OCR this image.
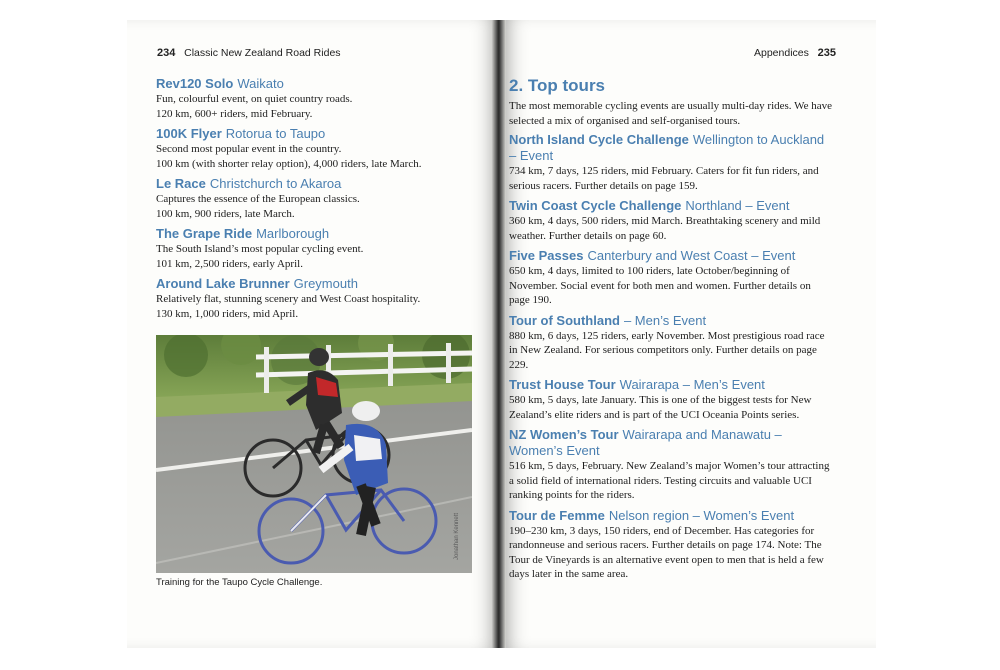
234 Classic New Zealand Road Rides
Rev120 Solo Waikato

Fun, colourful event, on quiet country roads.

120 km, 600+ riders, mid February.

100K Flyer Rotorua to Taupo

Second most popular event in the country.

100 km (with shorter relay option), 4,000 riders, late March.

Le Race Christchurch to Akaroa

Captures the essence of the European classics.

100 km, 900 riders, late March.

The Grape Ride Marlborough

The South Island’s most popular cycling event.

101 km, 2,500 riders, early April.

Around Lake Brunner Greymouth

Relatively flat, stunning scenery and West Coast hospitality.

130 km, 1,000 riders, mid April.

Jonathan Kennett
Training for the Taupo Cycle Challenge.
Appendices 235
2. Top tours

The most memorable cycling events are usually multi-day rides. We have selected a mix of organised and self-organised tours.

North Island Cycle Challenge Wellington to Auckland – Event

734 km, 7 days, 125 riders, mid February. Caters for fit fun riders, and serious racers. Further details on page 159.

Twin Coast Cycle Challenge Northland – Event

360 km, 4 days, 500 riders, mid March. Breathtaking scenery and mild weather. Further details on page 60.

Five Passes Canterbury and West Coast – Event

650 km, 4 days, limited to 100 riders, late October/beginning of November. Social event for both men and women. Further details on page 190.

Tour of Southland – Men’s Event

880 km, 6 days, 125 riders, early November. Most prestigious road race in New Zealand. For serious competitors only. Further details on page 229.

Trust House Tour Wairarapa – Men’s Event

580 km, 5 days, late January. This is one of the biggest tests for New Zealand’s elite riders and is part of the UCI Oceania Points series.

NZ Women’s Tour Wairarapa and Manawatu – Women’s Event

516 km, 5 days, February. New Zealand’s major Women’s tour attracting a solid field of international riders. Testing circuits and valuable UCI ranking points for the riders.

Tour de Femme Nelson region – Women’s Event

190–230 km, 3 days, 150 riders, end of December. Has categories for randonneuse and serious racers. Further details on page 174. Note: The Tour de Vineyards is an alternative event open to men that is held a few days later in the same area.
